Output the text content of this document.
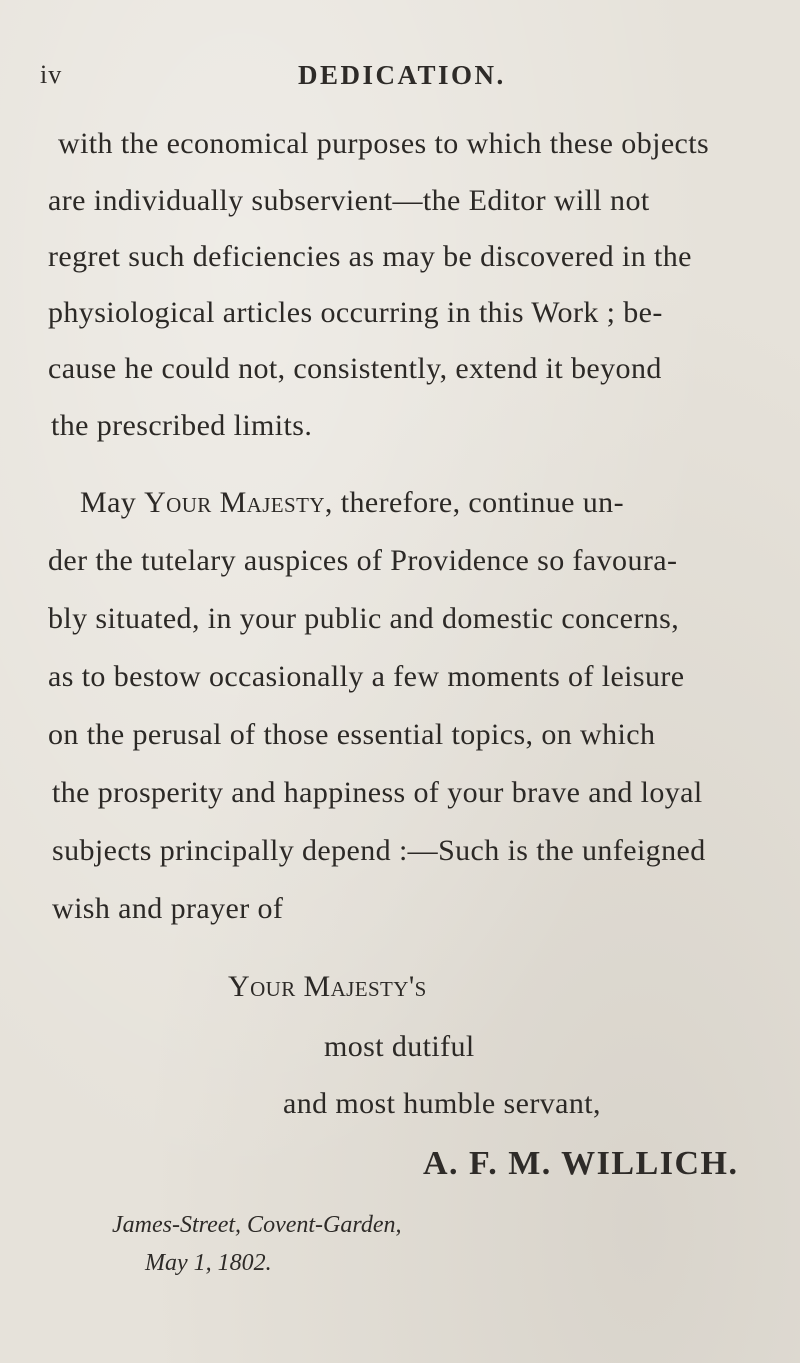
iv	DEDICATION.
with the economical purposes to which these objects
are individually subservient—the Editor will not
regret such deficiencies as may be discovered in the
physiological articles occurring in this Work ; be-
cause he could not, consistently, extend it beyond
the prescribed limits.
May Your Majesty, therefore, continue un-
der the tutelary auspices of Providence so favoura-
bly situated, in your public and domestic concerns,
as to bestow occasionally a few moments of leisure
on the perusal of those essential topics, on which
the prosperity and happiness of your brave and loyal
subjects principally depend :—Such is the unfeigned
wish and prayer of
Your Majesty's
most dutiful
and most humble servant,
A. F. M. WILLICH.
James-Street, Covent-Garden,
May 1, 1802.
